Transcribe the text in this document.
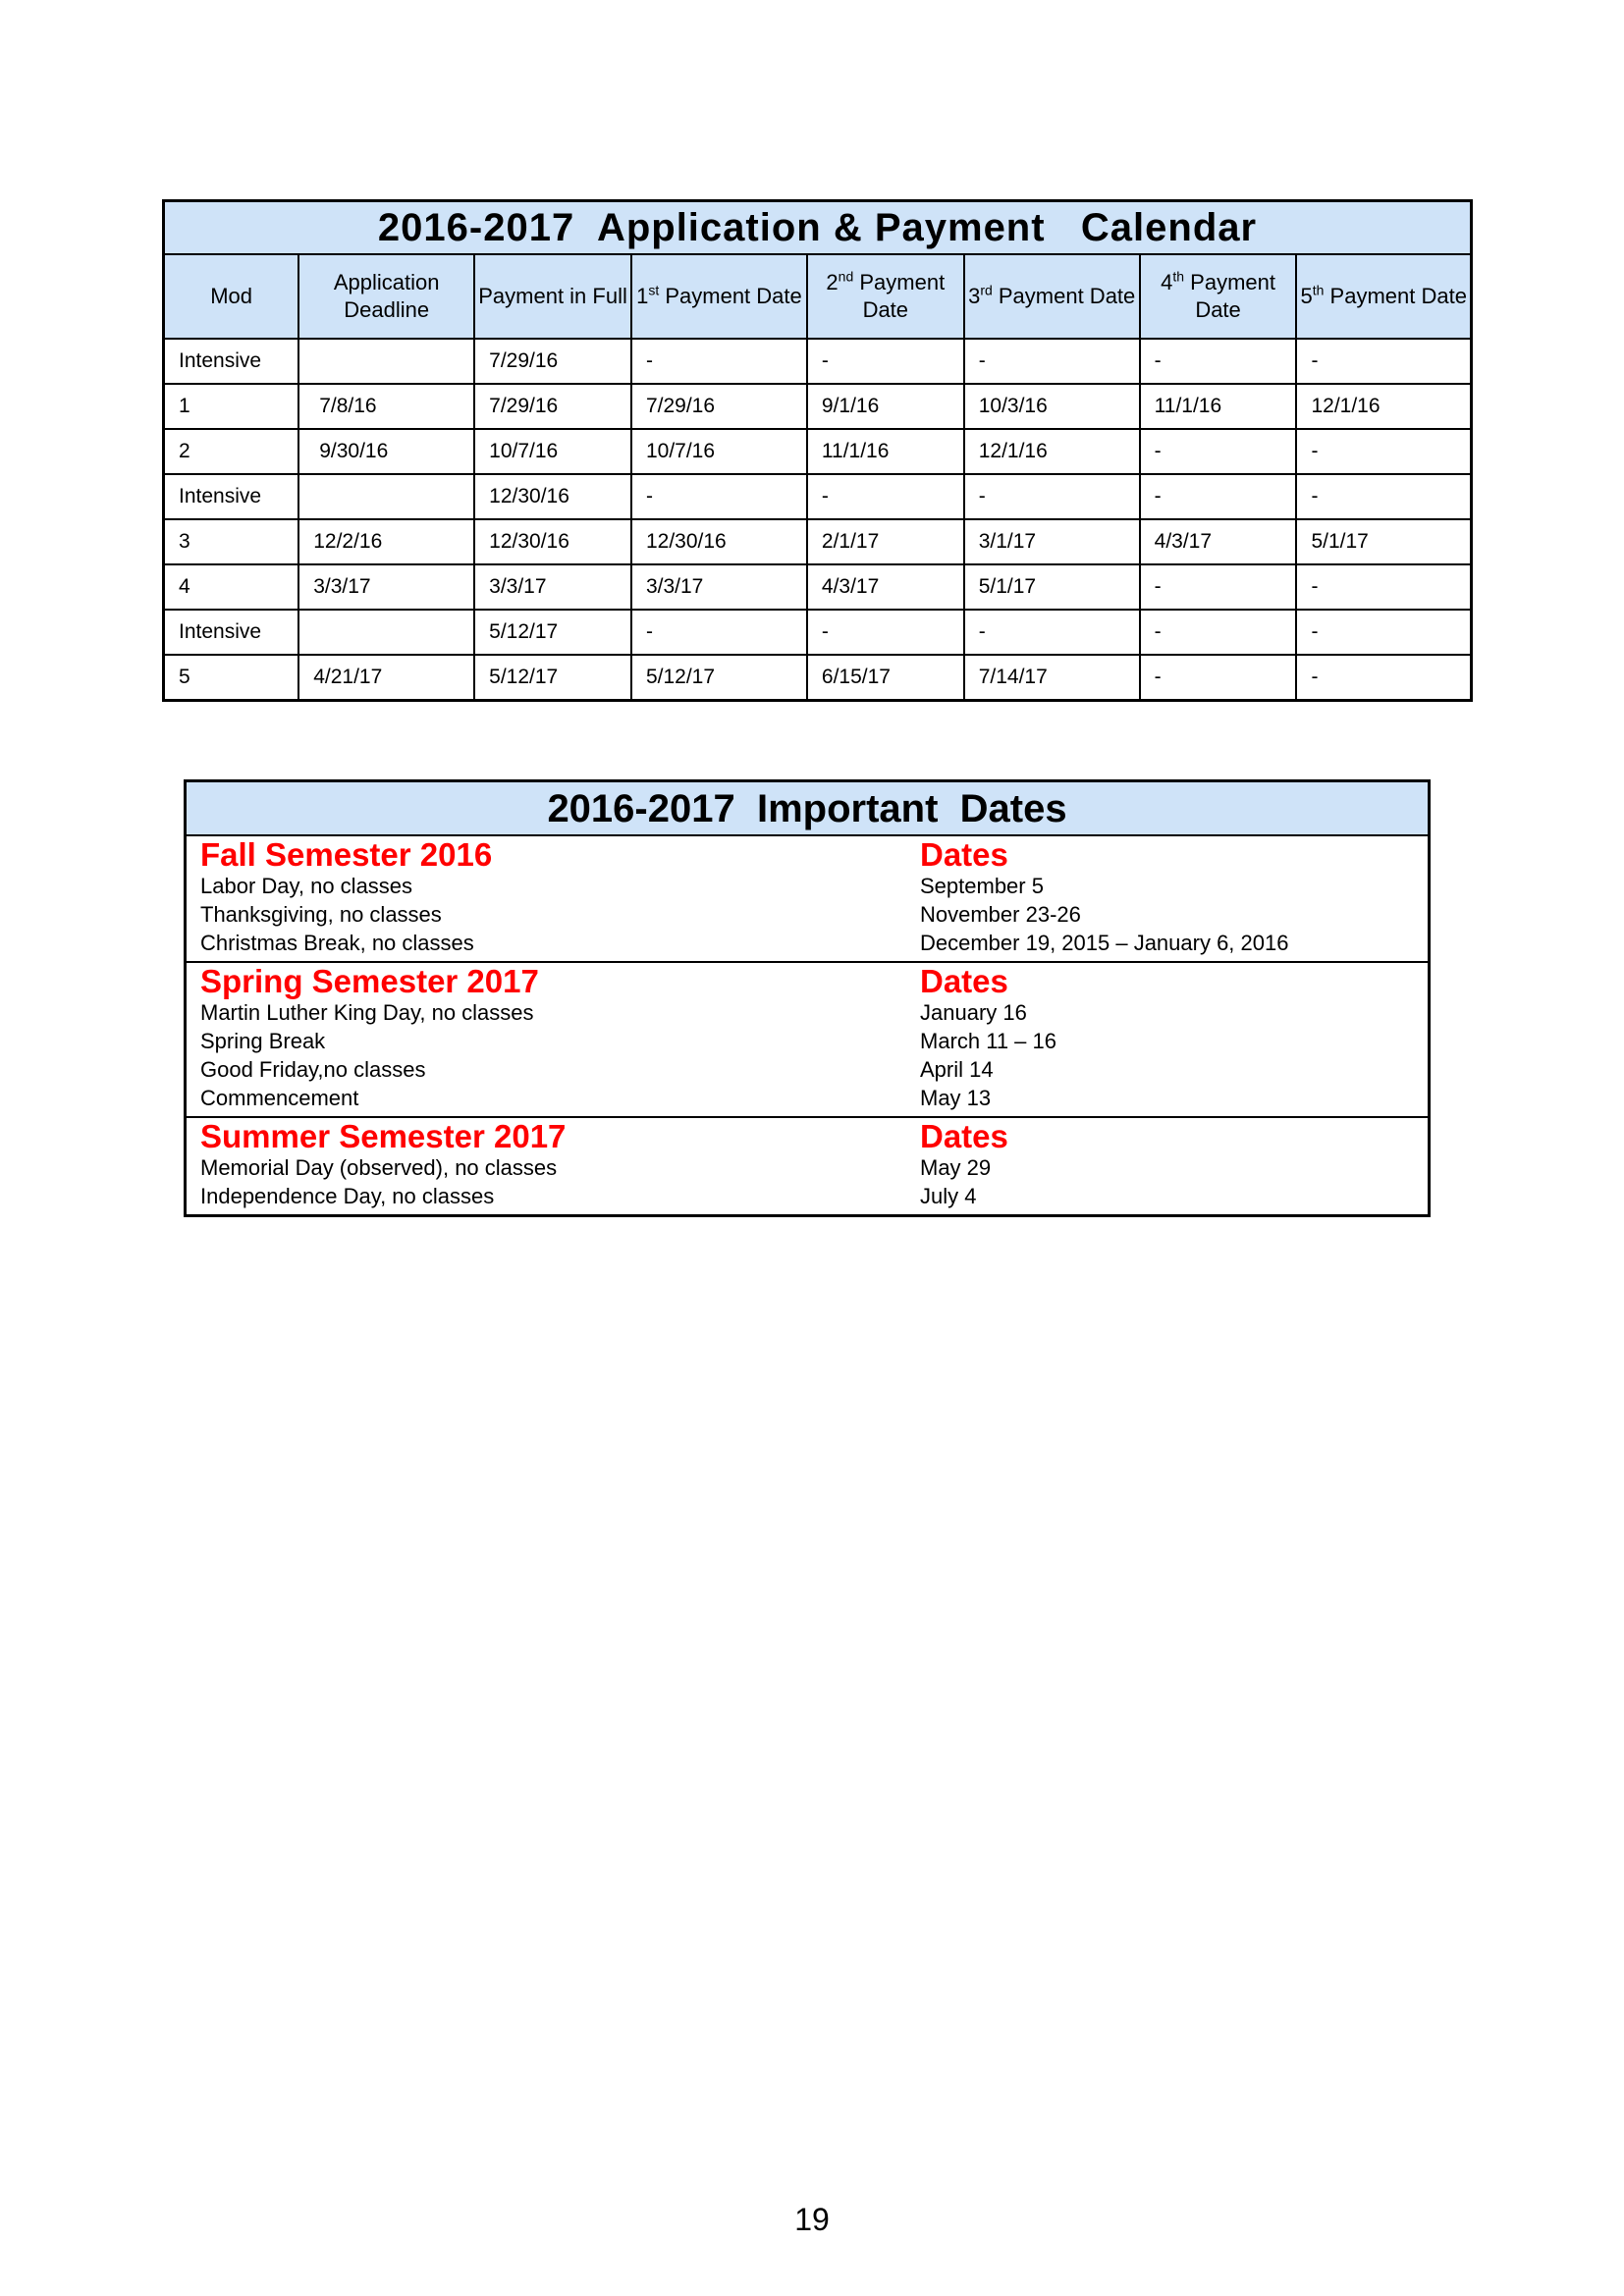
2016-2017  Application & Payment   Calendar							
Mod	Application Deadline	Payment in Full	1st Payment Date	2nd Payment Date	3rd Payment Date	4th Payment Date	5th Payment Date
Intensive		7/29/16	-	-	-	-	-
1	7/8/16	7/29/16	7/29/16	9/1/16	10/3/16	11/1/16	12/1/16
2	9/30/16	10/7/16	10/7/16	11/1/16	12/1/16	-	-
Intensive		12/30/16	-	-	-	-	-
3	12/2/16	12/30/16	12/30/16	2/1/17	3/1/17	4/3/17	5/1/17
4	3/3/17	3/3/17	3/3/17	4/3/17	5/1/17	-	-
Intensive		5/12/17	-	-	-	-	-
5	4/21/17	5/12/17	5/12/17	6/15/17	7/14/17	-	-
2016-2017  Important  Dates
Fall Semester 2016	Dates
Labor Day, no classes	September 5
Thanksgiving, no classes	November 23-26
Christmas Break, no classes	December 19, 2015 – January 6, 2016
Spring Semester 2017	Dates
Martin Luther King Day, no classes	January 16
Spring Break	March 11 – 16
Good Friday,no classes	April 14
Commencement	May 13
Summer Semester 2017	Dates
Memorial Day (observed), no classes	May 29
Independence Day, no classes	July 4
19
